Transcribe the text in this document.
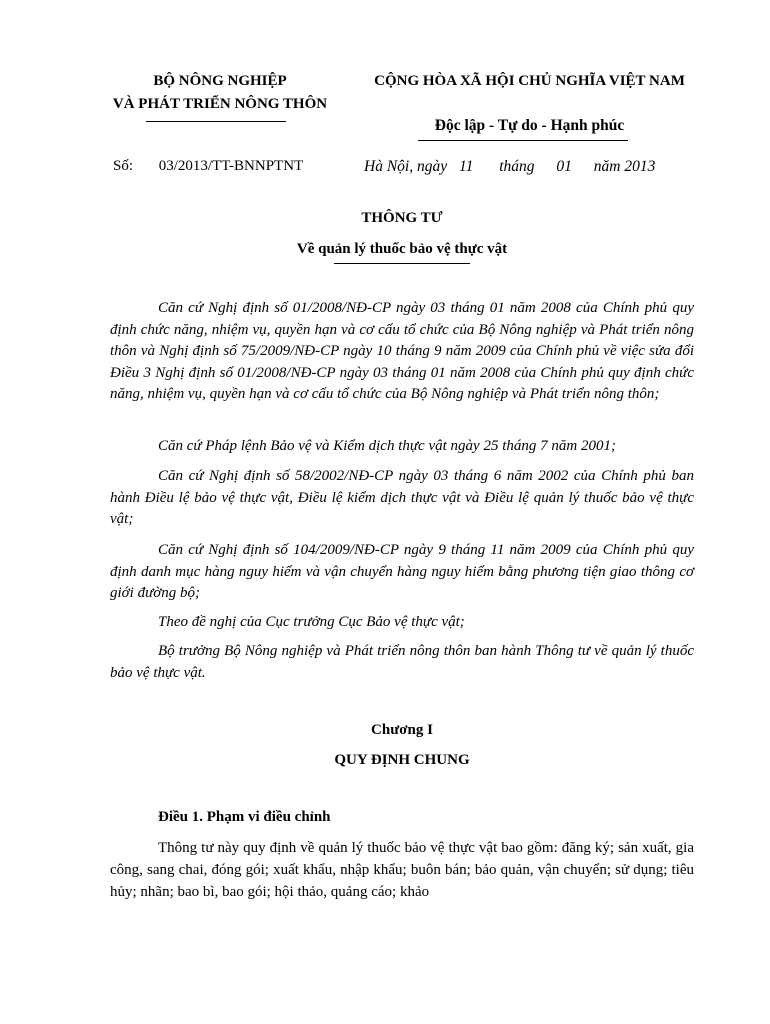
BỘ NÔNG NGHIỆP
VÀ PHÁT TRIỂN NÔNG THÔN
CỘNG HÒA XÃ HỘI CHỦ NGHĨA VIỆT NAM
Độc lập - Tự do - Hạnh phúc
Số: 03/2013/TT-BNNPTNT	Hà Nội, ngày 11 tháng 01 năm 2013
THÔNG TƯ
Về quản lý thuốc bảo vệ thực vật

Căn cứ Nghị định số 01/2008/NĐ-CP ngày 03 tháng 01 năm 2008 của Chính phủ quy định chức năng, nhiệm vụ, quyền hạn và cơ cấu tổ chức của Bộ Nông nghiệp và Phát triển nông thôn và Nghị định số 75/2009/NĐ-CP ngày 10 tháng 9 năm 2009 của Chính phủ về việc sửa đổi Điều 3 Nghị định số 01/2008/NĐ-CP ngày 03 tháng 01 năm 2008 của Chính phủ quy định chức năng, nhiệm vụ, quyền hạn và cơ cấu tổ chức của Bộ Nông nghiệp và Phát triển nông thôn;

Căn cứ Pháp lệnh Bảo vệ và Kiểm dịch thực vật ngày 25 tháng 7 năm 2001;

Căn cứ Nghị định số 58/2002/NĐ-CP ngày 03 tháng 6 năm 2002 của Chính phủ ban hành Điều lệ bảo vệ thực vật, Điều lệ kiểm dịch thực vật và Điều lệ quản lý thuốc bảo vệ thực vật;

Căn cứ Nghị định số 104/2009/NĐ-CP ngày 9 tháng 11 năm 2009 của Chính phủ quy định danh mục hàng nguy hiểm và vận chuyển hàng nguy hiểm bằng phương tiện giao thông cơ giới đường bộ;

Theo đề nghị của Cục trưởng Cục Bảo vệ thực vật;

Bộ trưởng Bộ Nông nghiệp và Phát triển nông thôn ban hành Thông tư về quản lý thuốc bảo vệ thực vật.

Chương I
QUY ĐỊNH CHUNG
Điều 1. Phạm vi điều chỉnh

Thông tư này quy định về quản lý thuốc bảo vệ thực vật bao gồm: đăng ký; sản xuất, gia công, sang chai, đóng gói; xuất khẩu, nhập khẩu; buôn bán; bảo quản, vận chuyển; sử dụng; tiêu hủy; nhãn; bao bì, bao gói; hội thảo, quảng cáo; khảo
